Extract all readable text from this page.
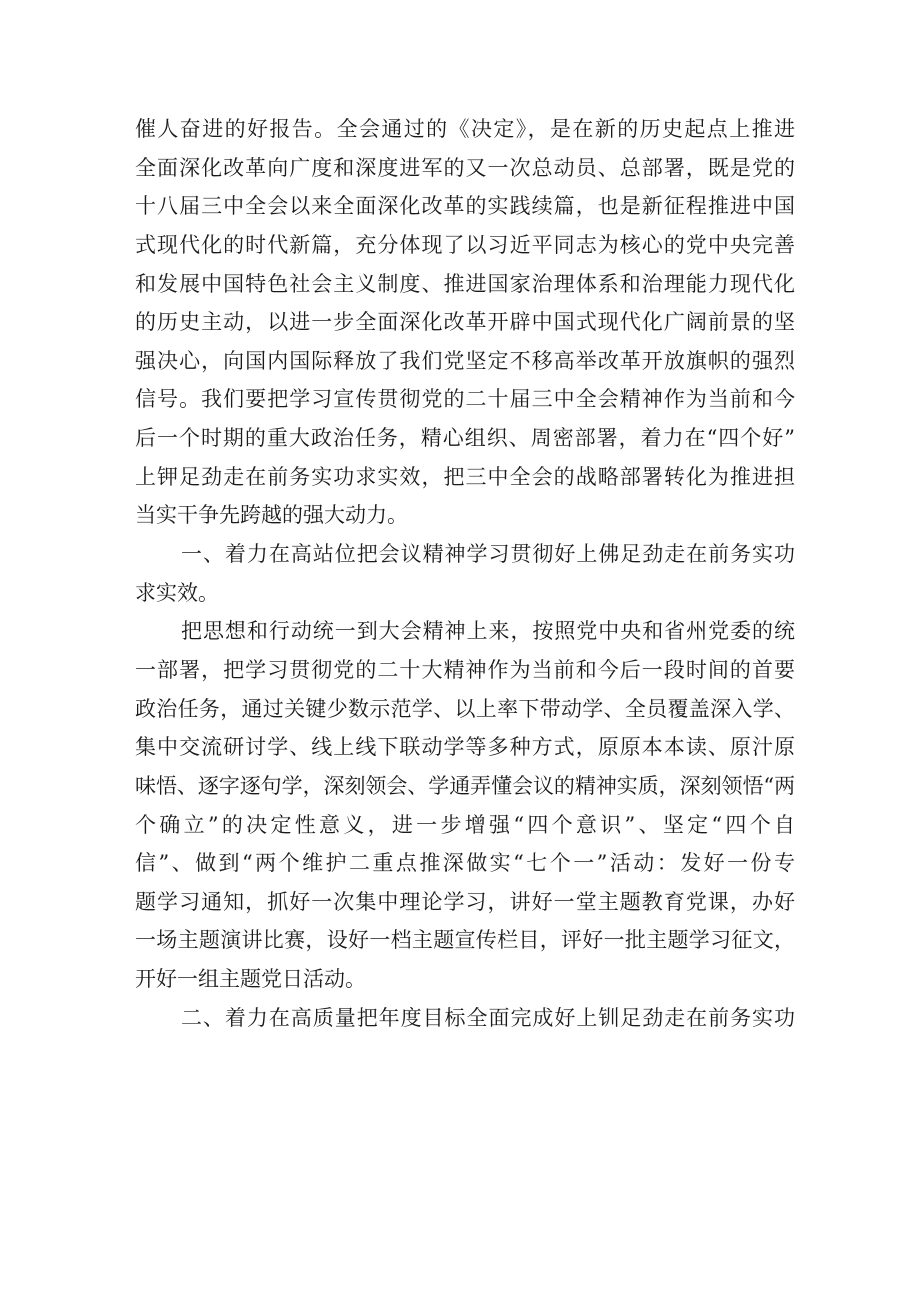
催人奋进的好报告。全会通过的《决定》，是在新的历史起点上推进
全面深化改革向广度和深度进军的又一次总动员、总部署，既是党的
十八届三中全会以来全面深化改革的实践续篇，也是新征程推进中国
式现代化的时代新篇，充分体现了以习近平同志为核心的党中央完善
和发展中国特色社会主义制度、推进国家治理体系和治理能力现代化
的历史主动，以进一步全面深化改革开辟中国式现代化广阔前景的坚
强决心，向国内国际释放了我们党坚定不移高举改革开放旗帜的强烈
信号。我们要把学习宣传贯彻党的二十届三中全会精神作为当前和今
后一个时期的重大政治任务，精心组织、周密部署，着力在“四个好”
上钾足劲走在前务实功求实效，把三中全会的战略部署转化为推进担
当实干争先跨越的强大动力。
一、着力在高站位把会议精神学习贯彻好上佛足劲走在前务实功
求实效。
把思想和行动统一到大会精神上来，按照党中央和省州党委的统
一部署，把学习贯彻党的二十大精神作为当前和今后一段时间的首要
政治任务，通过关键少数示范学、以上率下带动学、全员覆盖深入学、
集中交流研讨学、线上线下联动学等多种方式，原原本本读、原汁原
味悟、逐字逐句学，深刻领会、学通弄懂会议的精神实质，深刻领悟“两
个确立”的决定性意义，进一步增强“四个意识”、坚定“四个自
信”、做到“两个维护二重点推深做实“七个一”活动：发好一份专
题学习通知，抓好一次集中理论学习，讲好一堂主题教育党课，办好
一场主题演讲比赛，设好一档主题宣传栏目，评好一批主题学习征文，
开好一组主题党日活动。
二、着力在高质量把年度目标全面完成好上钏足劲走在前务实功
